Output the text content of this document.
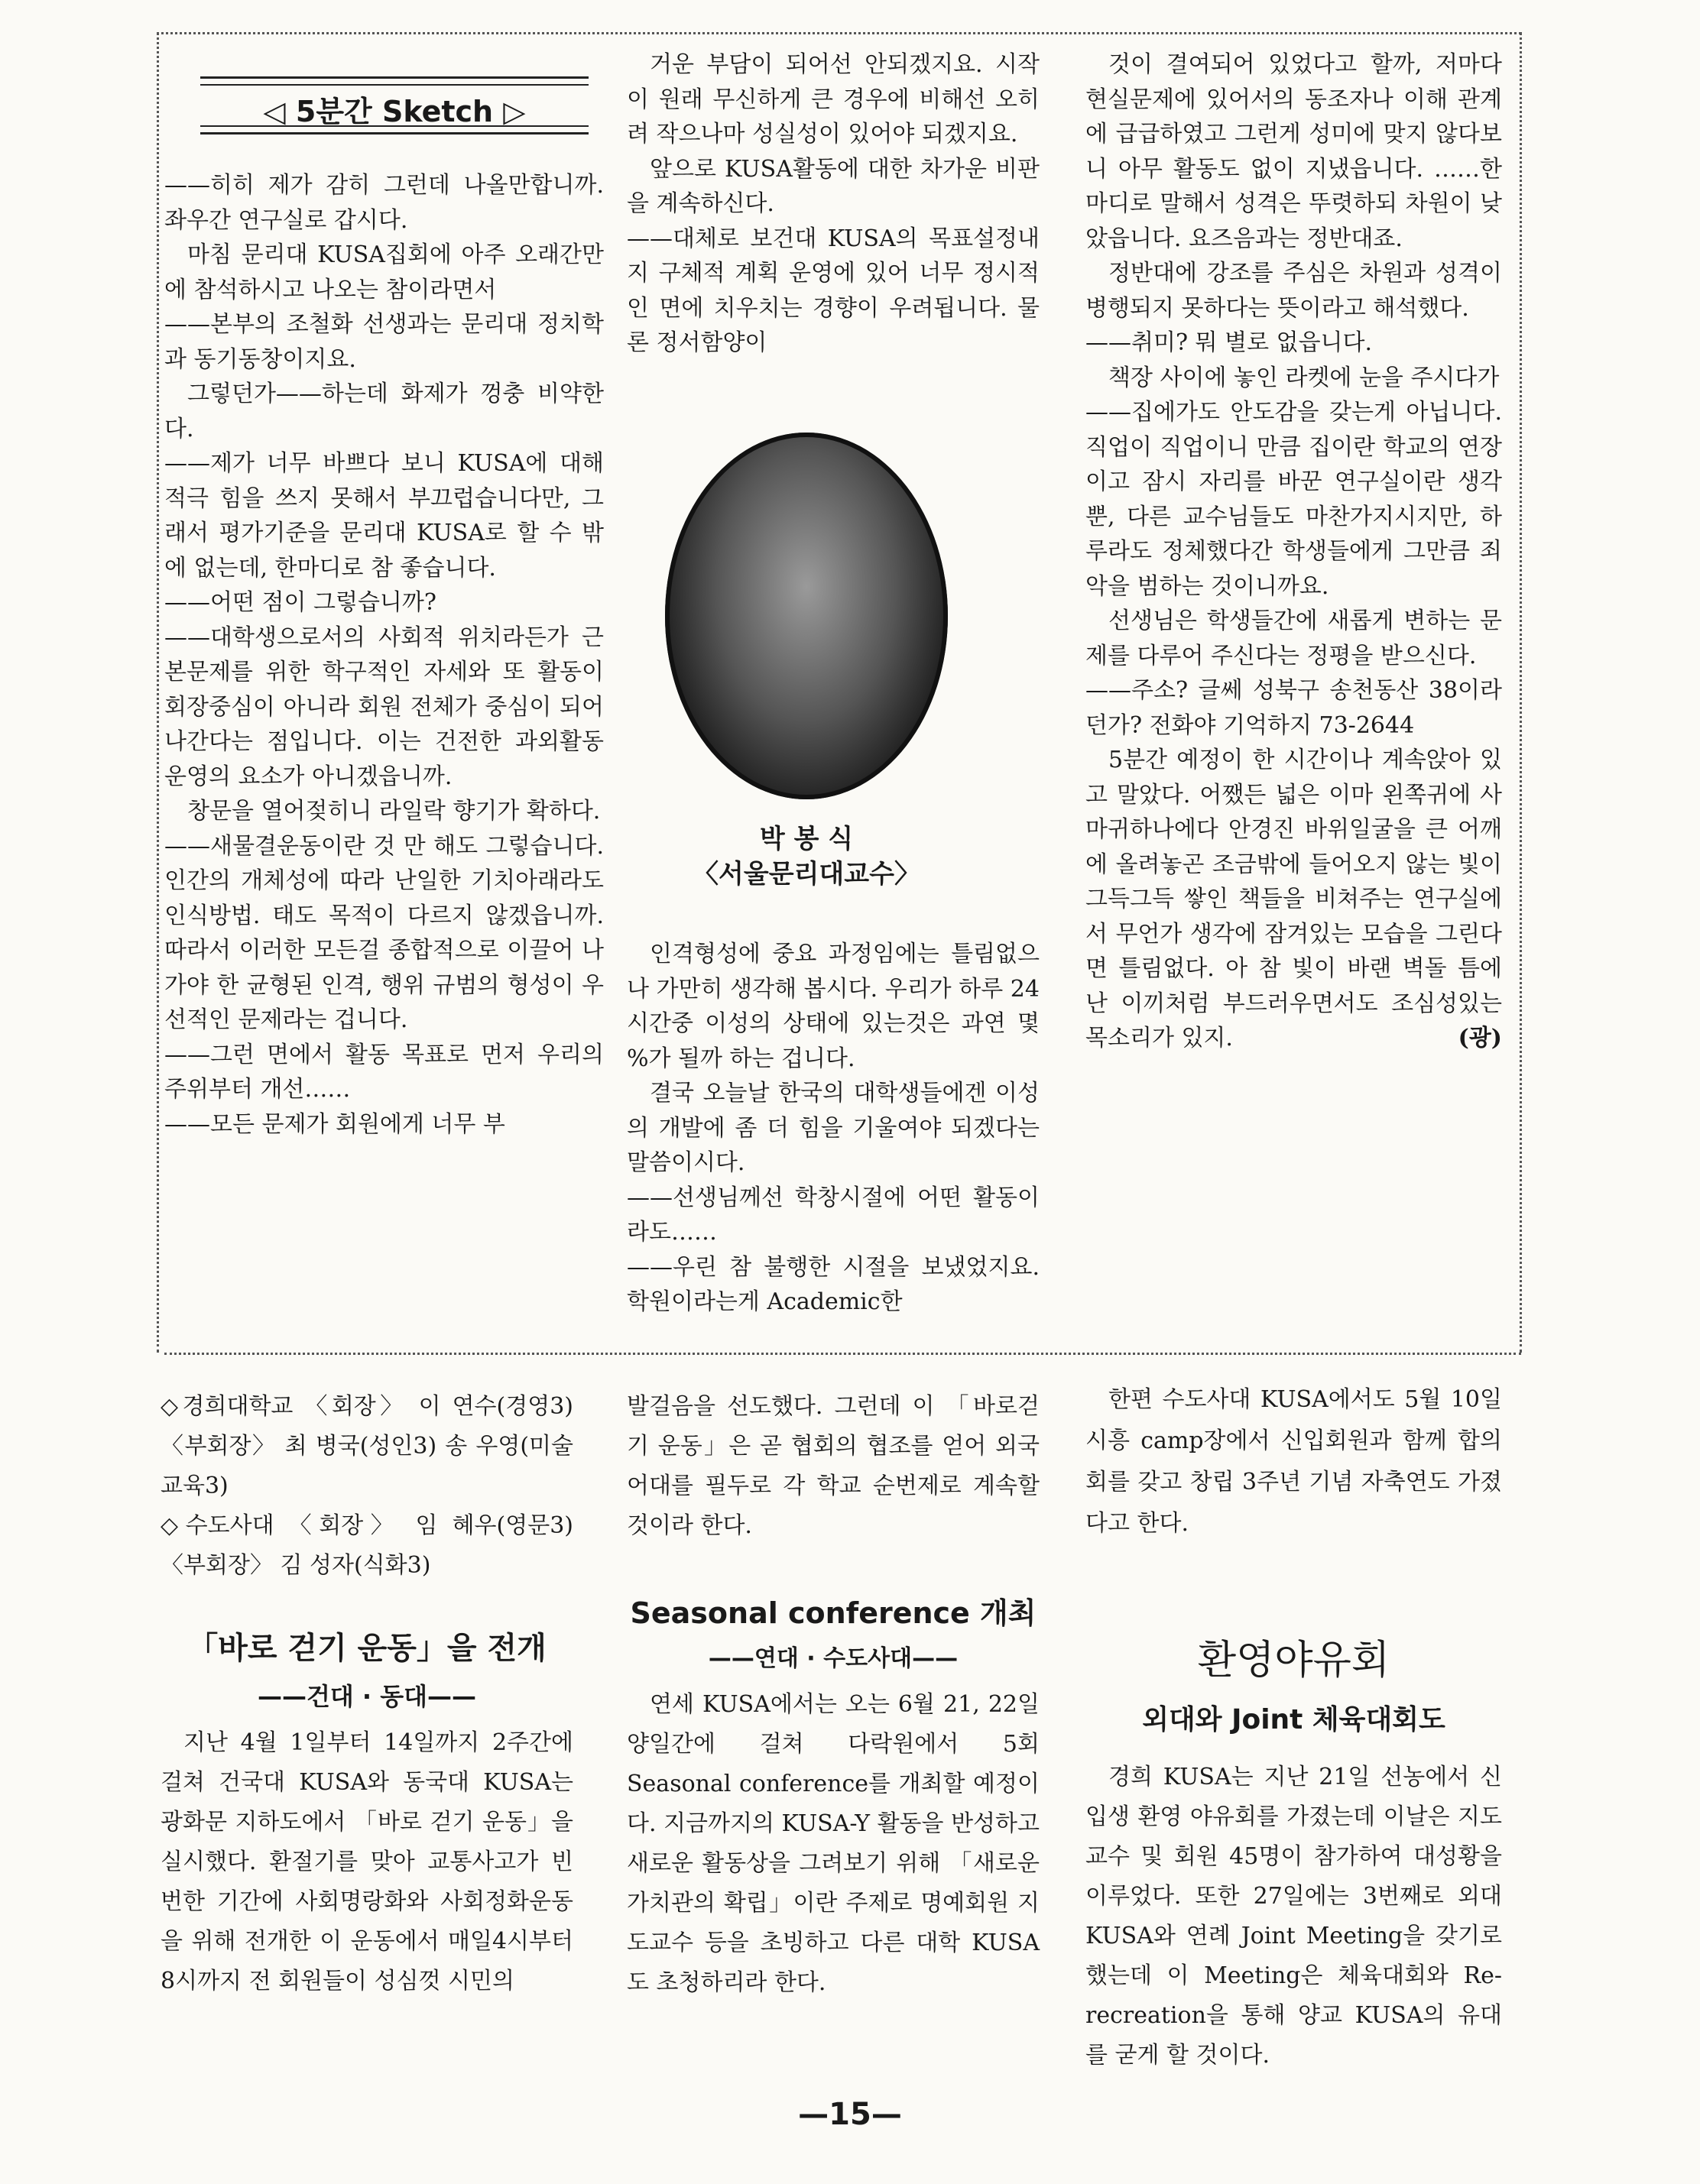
◁ 5분간 Sketch ▷

——히히 제가 감히 그런데 나올만합니까. 좌우간 연구실로 갑시다.

마침 문리대 KUSA집회에 아주 오래간만에 참석하시고 나오는 참이라면서

——본부의 조철화 선생과는 문리대 정치학과 동기동창이지요.

그렇던가——하는데 화제가 껑충 비약한다.

——제가 너무 바쁘다 보니 KUSA에 대해 적극 힘을 쓰지 못해서 부끄럽습니다만, 그래서 평가기준을 문리대 KUSA로 할 수 밖에 없는데, 한마디로 참 좋습니다.

——어떤 점이 그렇습니까?

——대학생으로서의 사회적 위치라든가 근본문제를 위한 학구적인 자세와 또 활동이 회장중심이 아니라 회원 전체가 중심이 되어 나간다는 점입니다. 이는 건전한 과외활동 운영의 요소가 아니겠읍니까.

창문을 열어젖히니 라일락 향기가 확하다.

——새물결운동이란 것 만 해도 그렇습니다. 인간의 개체성에 따라 난일한 기치아래라도 인식방법. 태도 목적이 다르지 않겠읍니까. 따라서 이러한 모든걸 종합적으로 이끌어 나가야 한 균형된 인격, 행위 규범의 형성이 우선적인 문제라는 겁니다.

——그런 면에서 활동 목표로 먼저 우리의 주위부터 개선……

——모든 문제가 회원에게 너무 부

거운 부담이 되어선 안되겠지요. 시작이 원래 무신하게 큰 경우에 비해선 오히려 작으나마 성실성이 있어야 되겠지요.

앞으로 KUSA활동에 대한 차가운 비판을 계속하신다.

——대체로 보건대 KUSA의 목표설정내지 구체적 계획 운영에 있어 너무 정시적인 면에 치우치는 경향이 우려됩니다. 물론 정서함양이

박 봉 식
〈서울문리대교수〉

인격형성에 중요 과정임에는 틀림없으나 가만히 생각해 봅시다. 우리가 하루 24시간중 이성의 상태에 있는것은 과연 몇 %가 될까 하는 겁니다.

결국 오늘날 한국의 대학생들에겐 이성의 개발에 좀 더 힘을 기울여야 되겠다는 말씀이시다.

——선생님께선 학창시절에 어떤 활동이라도……

——우린 참 불행한 시절을 보냈었지요. 학원이라는게 Academic한

것이 결여되어 있었다고 할까, 저마다 현실문제에 있어서의 동조자나 이해 관계에 급급하였고 그런게 성미에 맞지 않다보니 아무 활동도 없이 지냈읍니다. ……한마디로 말해서 성격은 뚜렷하되 차원이 낮았읍니다. 요즈음과는 정반대죠.

정반대에 강조를 주심은 차원과 성격이 병행되지 못하다는 뜻이라고 해석했다.

——취미? 뭐 별로 없읍니다.

책장 사이에 놓인 라켓에 눈을 주시다가

——집에가도 안도감을 갖는게 아닙니다. 직업이 직업이니 만큼 집이란 학교의 연장이고 잠시 자리를 바꾼 연구실이란 생각 뿐, 다른 교수님들도 마찬가지시지만, 하루라도 정체했다간 학생들에게 그만큼 죄악을 범하는 것이니까요.

선생님은 학생들간에 새롭게 변하는 문제를 다루어 주신다는 정평을 받으신다.

——주소? 글쎄 성북구 송천동산 38이라던가? 전화야 기억하지 73-2644

5분간 예정이 한 시간이나 계속앉아 있고 말았다. 어쨌든 넓은 이마 왼쪽귀에 사마귀하나에다 안경진 바위일굴을 큰 어깨에 올려놓곤 조금밖에 들어오지 않는 빛이 그득그득 쌓인 책들을 비쳐주는 연구실에서 무언가 생각에 잠겨있는 모습을 그린다면 틀림없다. 아 참 빛이 바랜 벽돌 틈에 난 이끼처럼 부드러우면서도 조심성있는 목소리가 있지.	(광)

◇경희대학교 〈회장〉 이 연수(경영3) 〈부회장〉 최 병국(성인3) 송 우영(미술교육3)

◇수도사대 〈회장〉 임 혜우(영문3) 〈부회장〉 김 성자(식화3)

「바로 걷기 운동」을 전개
——건대 · 동대——

지난 4월 1일부터 14일까지 2주간에 걸쳐 건국대 KUSA와 동국대 KUSA는 광화문 지하도에서 「바로 걷기 운동」을 실시했다. 환절기를 맞아 교통사고가 빈번한 기간에 사회명랑화와 사회정화운동을 위해 전개한 이 운동에서 매일4시부터 8시까지 전 회원들이 성심껏 시민의

발걸음을 선도했다. 그런데 이 「바로걷기 운동」은 곧 협회의 협조를 얻어 외국어대를 필두로 각 학교 순번제로 계속할 것이라 한다.

Seasonal conference 개최
——연대 · 수도사대——

연세 KUSA에서는 오는 6월 21, 22일 양일간에 걸쳐 다락원에서 5회 Seasonal conference를 개최할 예정이다. 지금까지의 KUSA-Y 활동을 반성하고 새로운 활동상을 그려보기 위해 「새로운 가치관의 확립」이란 주제로 명예회원 지도교수 등을 초빙하고 다른 대학 KUSA도 초청하리라 한다.

한편 수도사대 KUSA에서도 5월 10일 시흥 camp장에서 신입회원과 함께 합의회를 갖고 창립 3주년 기념 자축연도 가졌다고 한다.

환영야유회
외대와 Joint 체육대회도

경희 KUSA는 지난 21일 선농에서 신입생 환영 야유회를 가졌는데 이날은 지도 교수 및 회원 45명이 참가하여 대성황을 이루었다. 또한 27일에는 3번째로 외대 KUSA와 연례 Joint Meeting을 갖기로 했는데 이 Meeting은 체육대회와 Re-recreation을 통해 양교 KUSA의 유대를 굳게 할 것이다.

—15—
